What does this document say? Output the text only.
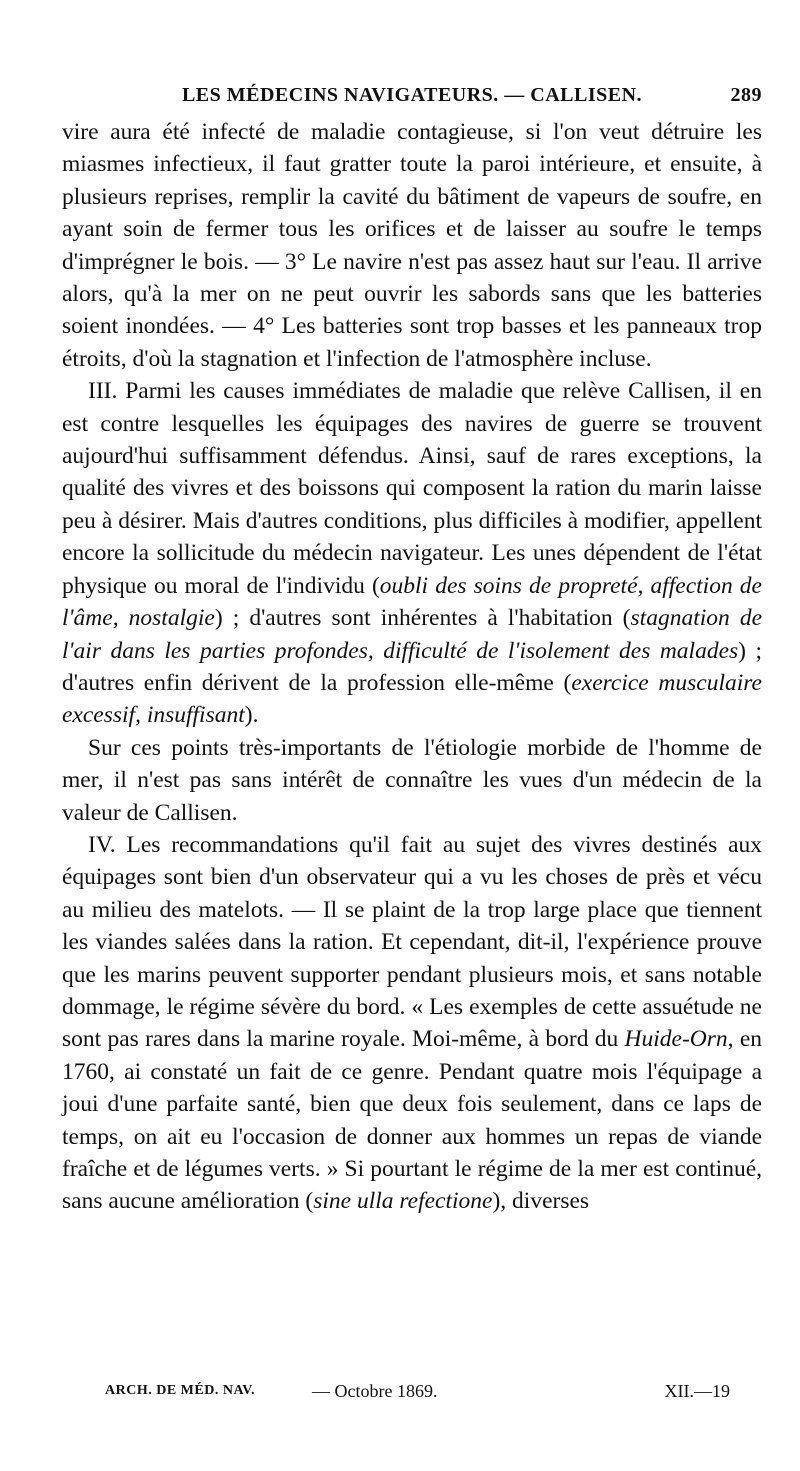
LES MÉDECINS NAVIGATEURS. — CALLISEN.	289

vire aura été infecté de maladie contagieuse, si l'on veut détruire les miasmes infectieux, il faut gratter toute la paroi intérieure, et ensuite, à plusieurs reprises, remplir la cavité du bâtiment de vapeurs de soufre, en ayant soin de fermer tous les orifices et de laisser au soufre le temps d'imprégner le bois. — 3° Le navire n'est pas assez haut sur l'eau. Il arrive alors, qu'à la mer on ne peut ouvrir les sabords sans que les batteries soient inondées. — 4° Les batteries sont trop basses et les panneaux trop étroits, d'où la stagnation et l'infection de l'atmosphère incluse.

III. Parmi les causes immédiates de maladie que relève Callisen, il en est contre lesquelles les équipages des navires de guerre se trouvent aujourd'hui suffisamment défendus. Ainsi, sauf de rares exceptions, la qualité des vivres et des boissons qui composent la ration du marin laisse peu à désirer. Mais d'autres conditions, plus difficiles à modifier, appellent encore la sollicitude du médecin navigateur. Les unes dépendent de l'état physique ou moral de l'individu (oubli des soins de propreté, affection de l'âme, nostalgie) ; d'autres sont inhérentes à l'habitation (stagnation de l'air dans les parties profondes, difficulté de l'isolement des malades) ; d'autres enfin dérivent de la profession elle-même (exercice musculaire excessif, insuffisant).

Sur ces points très-importants de l'étiologie morbide de l'homme de mer, il n'est pas sans intérêt de connaître les vues d'un médecin de la valeur de Callisen.

IV. Les recommandations qu'il fait au sujet des vivres destinés aux équipages sont bien d'un observateur qui a vu les choses de près et vécu au milieu des matelots. — Il se plaint de la trop large place que tiennent les viandes salées dans la ration. Et cependant, dit-il, l'expérience prouve que les marins peuvent supporter pendant plusieurs mois, et sans notable dommage, le régime sévère du bord. « Les exemples de cette assuétude ne sont pas rares dans la marine royale. Moi-même, à bord du Huide-Orn, en 1760, ai constaté un fait de ce genre. Pendant quatre mois l'équipage a joui d'une parfaite santé, bien que deux fois seulement, dans ce laps de temps, on ait eu l'occasion de donner aux hommes un repas de viande fraîche et de légumes verts. » Si pourtant le régime de la mer est continué, sans aucune amélioration (sine ulla refectione), diverses

ARCH. DE MÉD. NAV.	— Octobre 1869.	XII.—19
